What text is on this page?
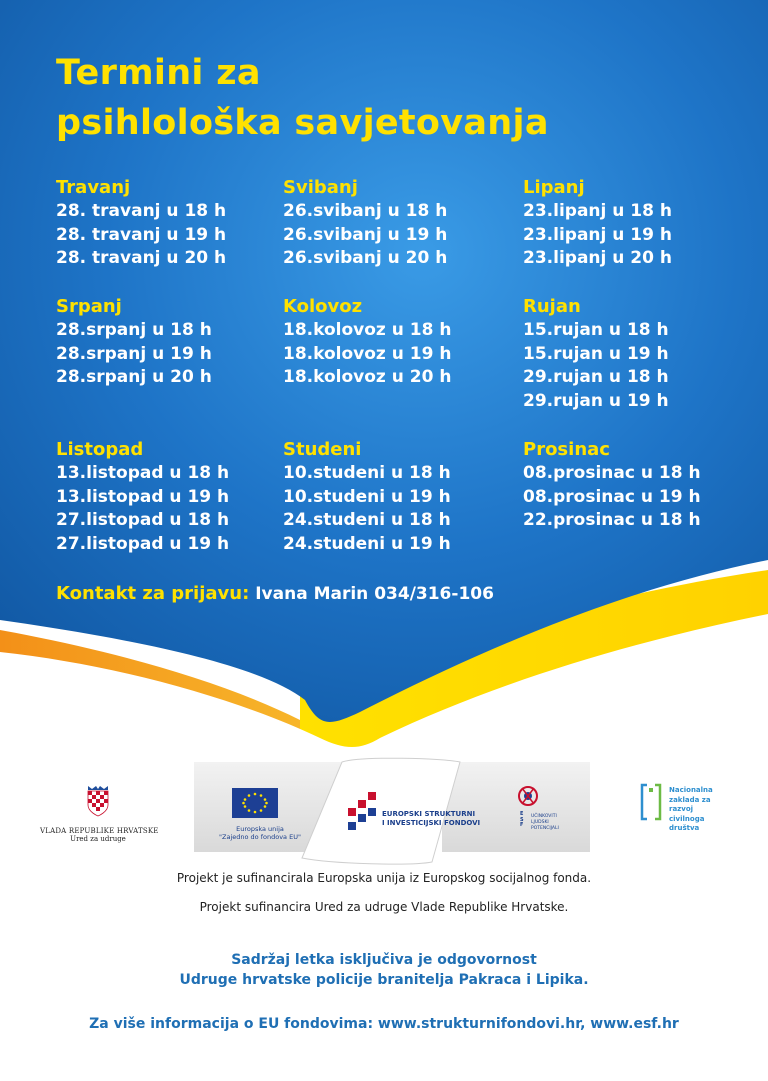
Termini za
psihlološka savjetovanja
Travanj
28. travanj u 18 h
28. travanj u 19 h
28. travanj u 20 h
Svibanj
26.svibanj u 18 h
26.svibanj u 19 h
26.svibanj u 20 h
Lipanj
23.lipanj u 18 h
23.lipanj u 19 h
23.lipanj u 20 h
Srpanj
28.srpanj u 18 h
28.srpanj u 19 h
28.srpanj u 20 h
Kolovoz
18.kolovoz u 18 h
18.kolovoz u 19 h
18.kolovoz u 20 h
Rujan
15.rujan u 18 h
15.rujan u 19 h
29.rujan u 18 h
29.rujan u 19 h
Listopad
13.listopad u 18 h
13.listopad u 19 h
27.listopad u 18 h
27.listopad u 19 h
Studeni
10.studeni u 18 h
10.studeni u 19 h
24.studeni u 18 h
24.studeni u 19 h
Prosinac
08.prosinac u 18 h
08.prosinac u 19 h
22.prosinac u 18 h
Kontakt za prijavu: Ivana Marin 034/316-106
VLADA REPUBLIKE HRVATSKE
Ured za udruge
Europska unija
"Zajedno do fondova EU"
EUROPSKI STRUKTURNI
I INVESTICIJSKI FONDOVI
UČINKOVITI
LJUDSKI
POTENCIJALI
ESF
Nacionalna
zaklada za
razvoj
civilnoga
društva
Projekt je sufinancirala Europska unija iz Europskog socijalnog fonda.
Projekt sufinancira Ured za udruge Vlade Republike Hrvatske.
Sadržaj letka isključiva je odgovornost
Udruge hrvatske policije branitelja Pakraca i Lipika.
Za više informacija o EU fondovima: www.strukturnifondovi.hr, www.esf.hr
